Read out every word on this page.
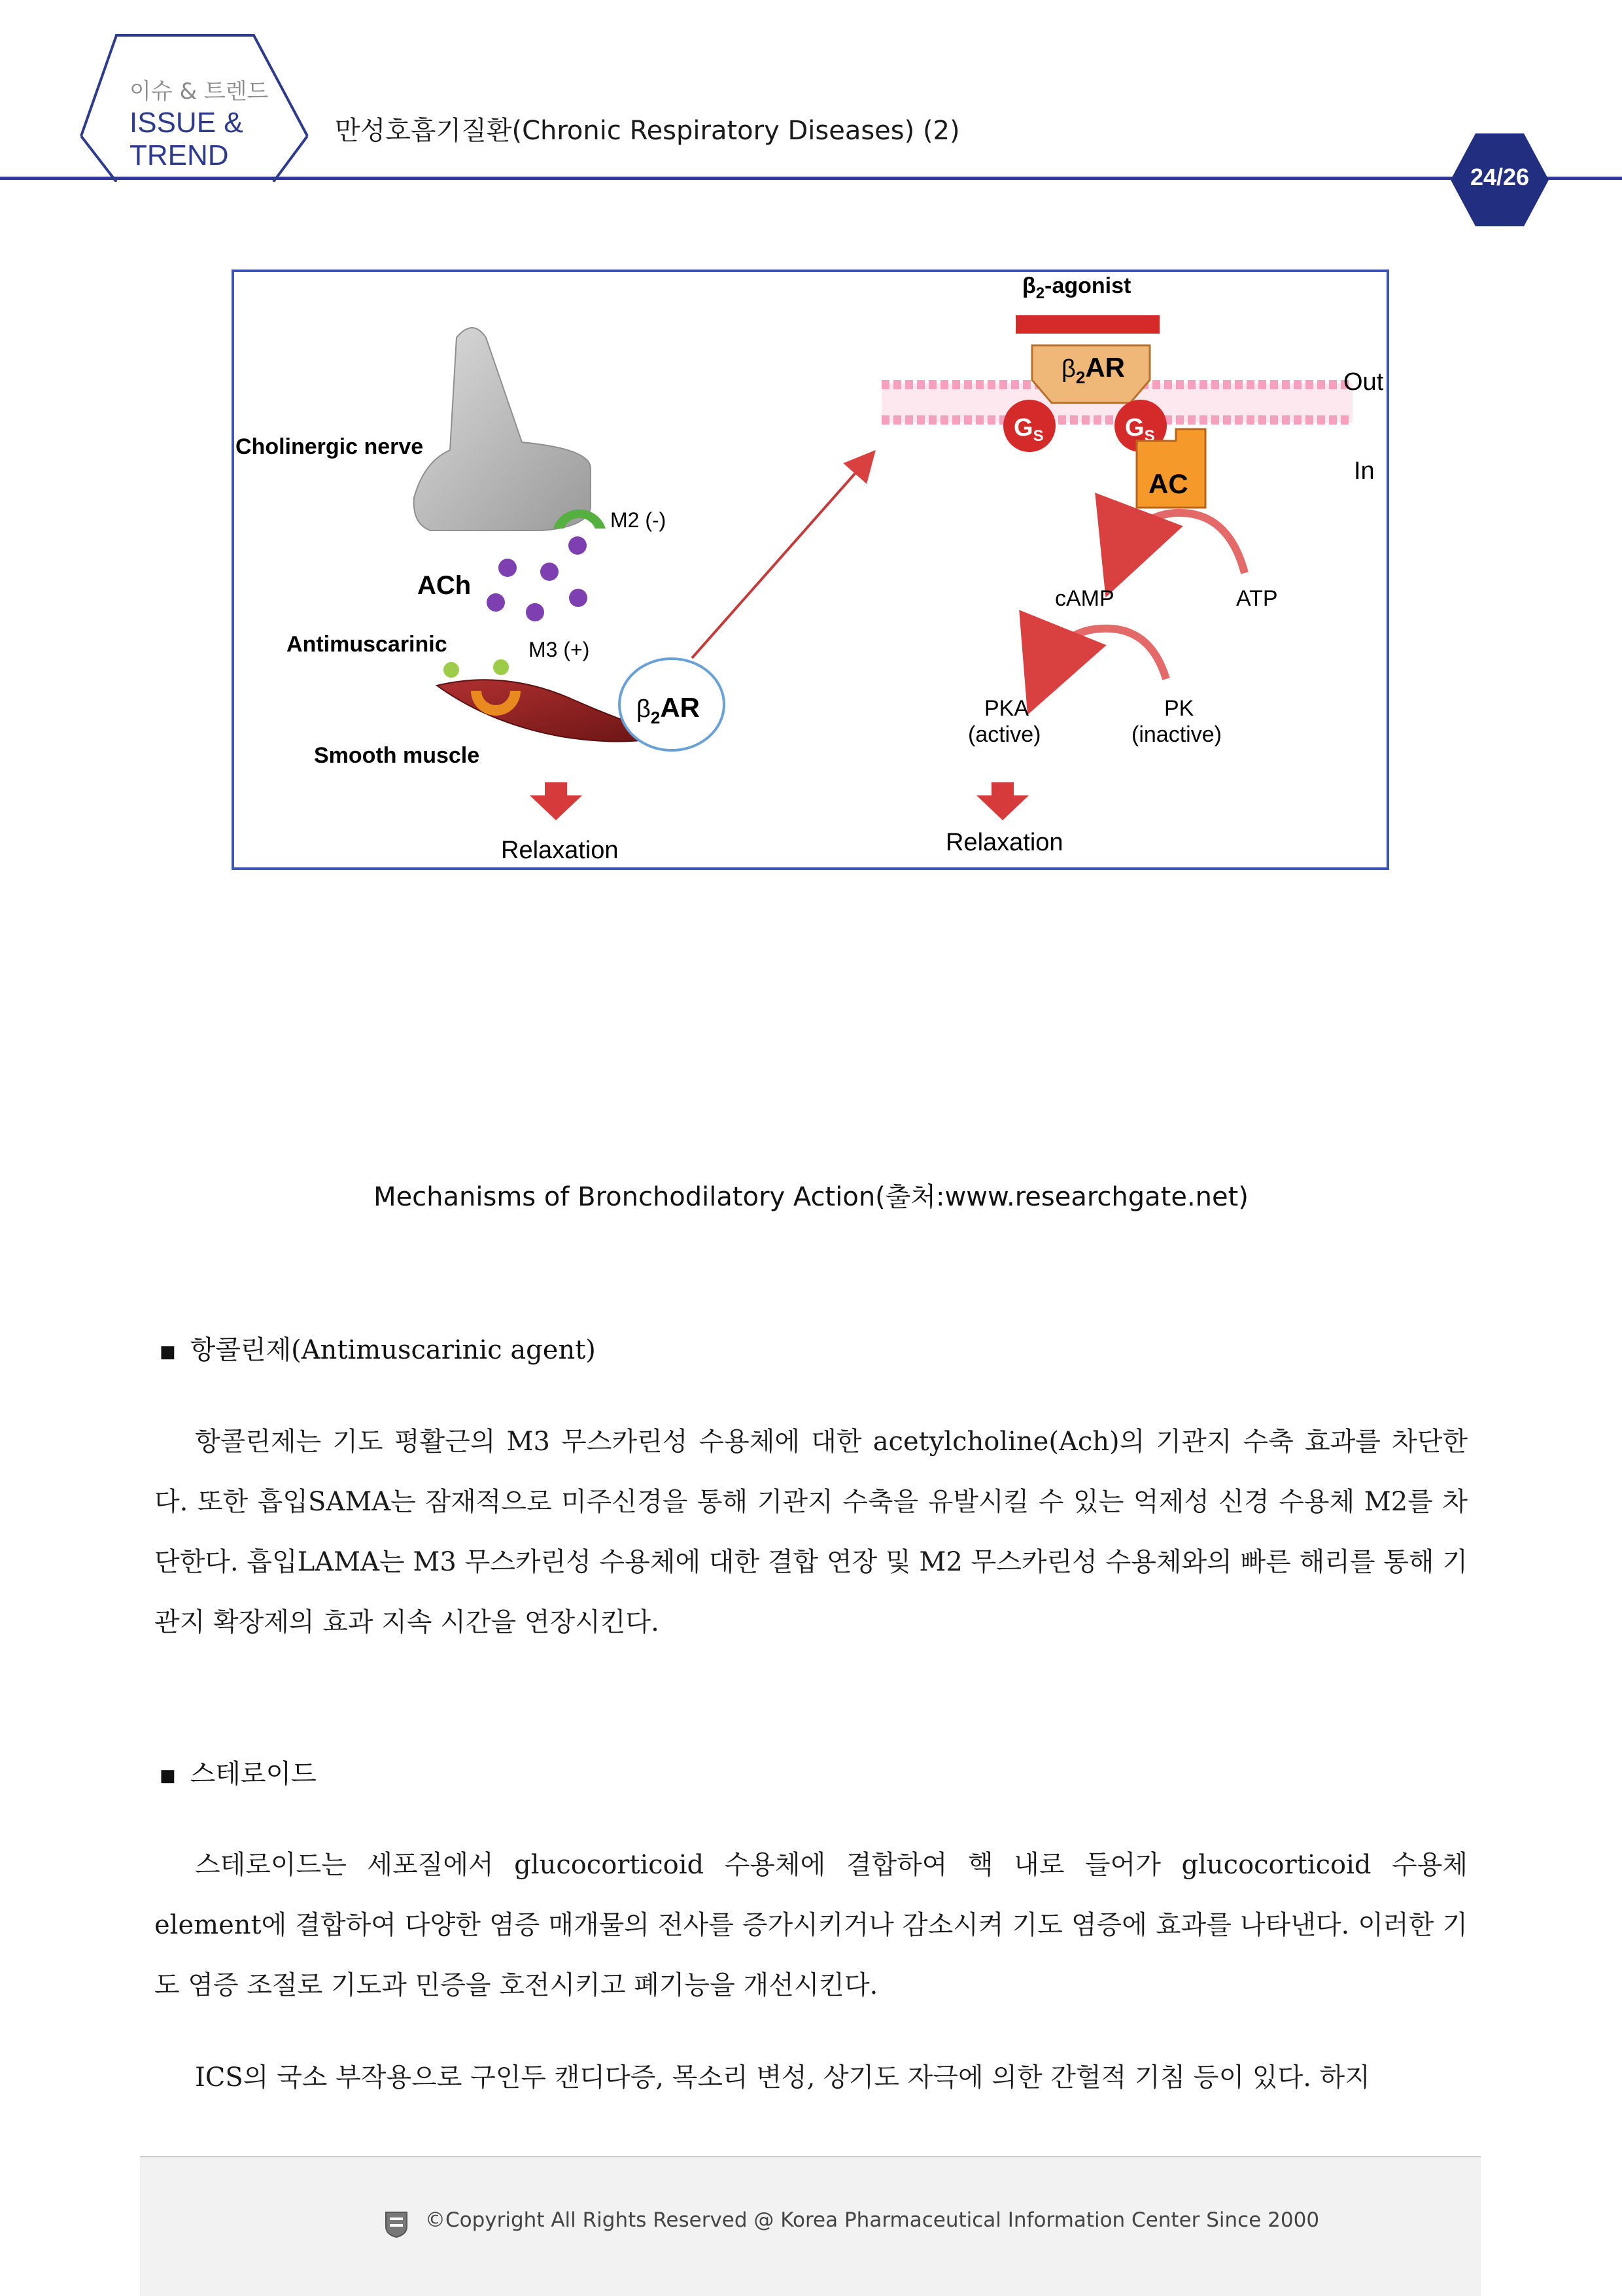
이슈 & 트렌드
ISSUE &
TREND
만성호흡기질환(Chronic Respiratory Diseases) (2)
24/26
Cholinergic nerve
M2 (-)
ACh
Antimuscarinic	M3 (+)
$\beta_2AR$
Smooth muscle
Relaxation
$\beta_2$-agonist
$\beta_2AR$
$G_S$	$G_S$
Out
In
AC
cAMP	ATP
PKA
(active)
PK
(inactive)
Relaxation
Mechanisms of Bronchodilatory Action(출처:www.researchgate.net)
■ 항콜린제(Antimuscarinic agent)
항콜린제는 기도 평활근의 M3 무스카린성 수용체에 대한 acetylcholine(Ach)의 기관지 수축 효과를 차단한다. 또한 흡입SAMA는 잠재적으로 미주신경을 통해 기관지 수축을 유발시킬 수 있는 억제성 신경 수용체 M2를 차단한다. 흡입LAMA는 M3 무스카린성 수용체에 대한 결합 연장 및 M2 무스카린성 수용체와의 빠른 해리를 통해 기관지 확장제의 효과 지속 시간을 연장시킨다.
■ 스테로이드
스테로이드는 세포질에서 glucocorticoid 수용체에 결합하여 핵 내로 들어가 glucocorticoid 수용체 element에 결합하여 다양한 염증 매개물의 전사를 증가시키거나 감소시켜 기도 염증에 효과를 나타낸다. 이러한 기도 염증 조절로 기도과 민증을 호전시키고 폐기능을 개선시킨다.
ICS의 국소 부작용으로 구인두 캔디다증, 목소리 변성, 상기도 자극에 의한 간헐적 기침 등이 있다. 하지
©Copyright All Rights Reserved @ Korea Pharmaceutical Information Center Since 2000
